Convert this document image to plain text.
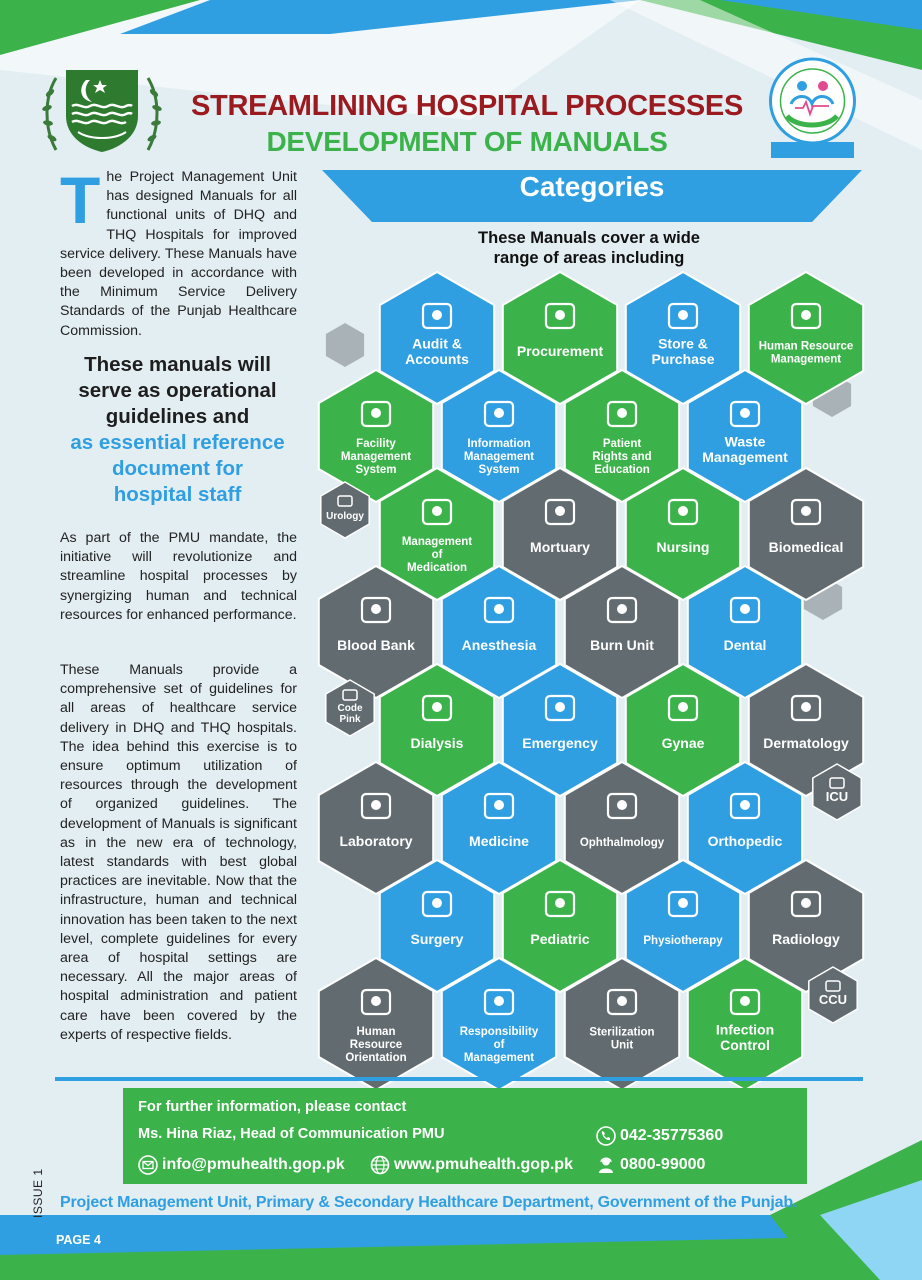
STREAMLINING HOSPITAL PROCESSES
DEVELOPMENT OF MANUALS

The Project Management Unit has designed Manuals for all functional units of DHQ and THQ Hospitals for improved service delivery. These Manuals have been developed in accordance with the Minimum Service Delivery Standards of the Punjab Healthcare Commission.

These manuals will
serve as operational
guidelines and
as essential reference
document for
hospital staff

As part of the PMU mandate, the initiative will revolutionize and streamline hospital processes by synergizing human and technical resources for enhanced performance.

These Manuals provide a comprehensive set of guidelines for all areas of healthcare service delivery in DHQ and THQ hospitals. The idea behind this exercise is to ensure optimum utilization of resources through the development of organized guidelines. The development of Manuals is significant as in the new era of technology, latest standards with best global practices are inevitable. Now that the infrastructure, human and technical innovation has been taken to the next level, complete guidelines for every area of hospital settings are necessary. All the major areas of hospital administration and patient care have been covered by the experts of respective fields.

Categories

These Manuals cover a wide
range of areas including

Audit &
Accounts	Procurement	Store &
Purchase
Human Resource
Management
Facility
Management
System
Information
Management
System
Patient
Rights and
Education
Waste
Management
Management
of
Medication
Mortuary	Nursing	Biomedical
Blood Bank	Anesthesia	Burn Unit	Dental
Dialysis	Emergency	Gynae	Dermatology
Laboratory	Medicine	Ophthalmology	Orthopedic
Surgery	Pediatric	Physiotherapy	Radiology
Human
Resource
Orientation
Responsibility
of
Management
Sterilization
Unit
Infection
Control
Urology
Code
Pink
ICU
CCU

For further information, please contact

Ms. Hina Riaz, Head of Communication PMU

info@pmuhealth.gop.pk	www.pmuhealth.gop.pk

042-35775360

0800-99000

Project Management Unit, Primary & Secondary Healthcare Department, Government of the Punjab.

ISSUE 1

PAGE 4
